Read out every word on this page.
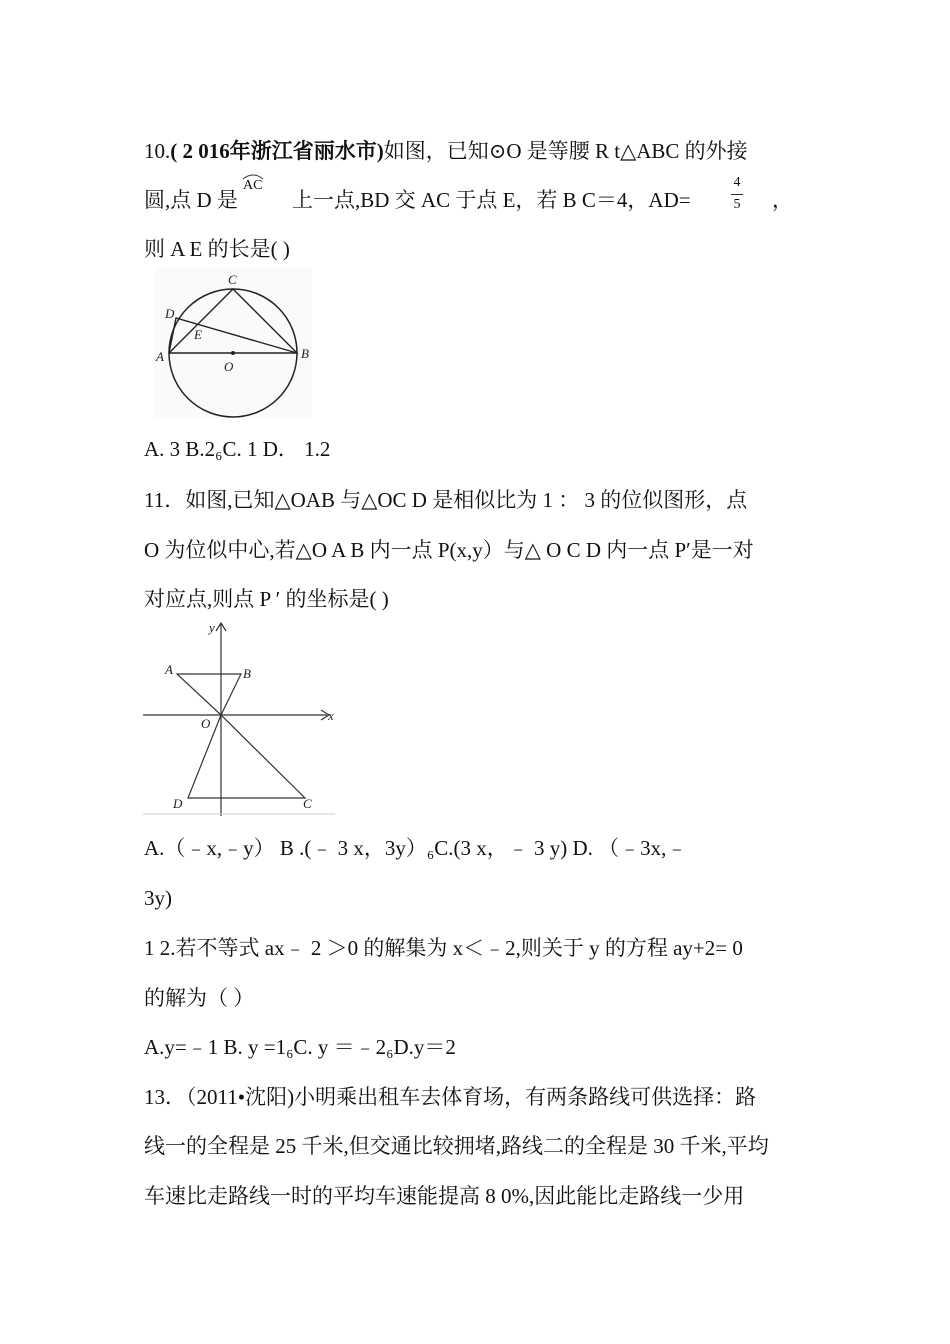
10.( 2 016年浙江省丽水市)如图，已知⊙O 是等腰 R t△ABC 的外接
圆,点 D 是
AC
上一点,BD 交 AC 于点 E，若 B C＝4，AD=
4
5 ，
则 A E 的长是( )
C
D
E
A
O
B
A. 3 B.2₆C. 1 D． 1.2
11．如图,已知△OAB 与△OC D 是相似比为 1 ： 3 的位似图形，点
O 为位似中心,若△O A B 内一点 P(x,y）与△ O C D 内一点 P′是一对
对应点,则点 P ′ 的坐标是( )
y
x
A	B
O
D	C
A.（﹣x,﹣y） B .(﹣ 3 x，3y）₆C.(3 x，﹣ 3 y) D. （﹣3x,﹣
3y)
1 2.若不等式 ax﹣ 2 ＞0 的解集为 x＜﹣2,则关于 y 的方程 ay+2= 0
的解为（ ）
A.y=﹣1 B. y =1₆C. y ＝﹣2₆D.y＝2
13．（2011•沈阳)小明乘出租车去体育场，有两条路线可供选择：路
线一的全程是 25 千米,但交通比较拥堵,路线二的全程是 30 千米,平均
车速比走路线一时的平均车速能提高 8 0%,因此能比走路线一少用
